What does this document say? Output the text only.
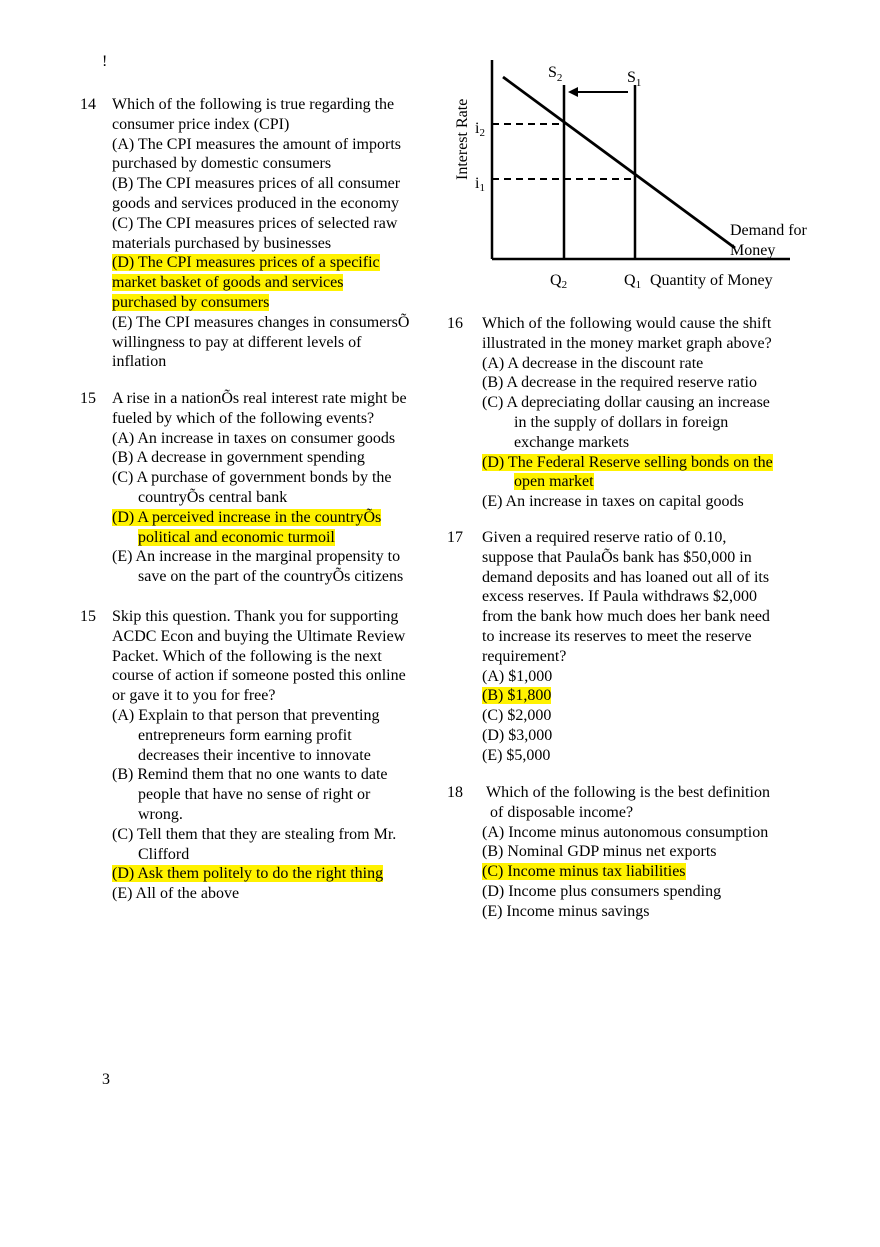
!
14 Which of the following is true regarding the
consumer price index (CPI)
(A) The CPI measures the amount of imports
purchased by domestic consumers
(B) The CPI measures prices of all consumer
goods and services produced in the economy
(C) The CPI measures prices of selected raw
materials purchased by businesses
(D) The CPI measures prices of a specific
market basket of goods and services
purchased by consumers
(E) The CPI measures changes in consumersÕ
willingness to pay at different levels of
inflation
15 A rise in a nationÕs real interest rate might be
fueled by which of the following events?
(A) An increase in taxes on consumer goods
(B) A decrease in government spending
(C) A purchase of government bonds by the
countryÕs central bank
(D) A perceived increase in the countryÕs
political and economic turmoil
(E) An increase in the marginal propensity to
save on the part of the countryÕs citizens
15 Skip this question. Thank you for supporting
ACDC Econ and buying the Ultimate Review
Packet. Which of the following is the next
course of action if someone posted this online
or gave it to you for free?
(A) Explain to that person that preventing
entrepreneurs form earning profit
decreases their incentive to innovate
(B) Remind them that no one wants to date
people that have no sense of right or
wrong.
(C) Tell them that they are stealing from Mr.
Clifford
(D) Ask them politely to do the right thing
(E) All of the above
Interest Rate
$S_2$	$S_1$
i2
i1
Q2	Q1 Quantity of Money
Demand for
Money
16 Which of the following would cause the shift
illustrated in the money market graph above?
(A) A decrease in the discount rate
(B) A decrease in the required reserve ratio
(C) A depreciating dollar causing an increase
in the supply of dollars in foreign
exchange markets
(D) The Federal Reserve selling bonds on the
open market
(E) An increase in taxes on capital goods
17 Given a required reserve ratio of 0.10,
suppose that PaulaÕs bank has $50,000 in
demand deposits and has loaned out all of its
excess reserves. If Paula withdraws $2,000
from the bank how much does her bank need
to increase its reserves to meet the reserve
requirement?
(A) $1,000
(B) $1,800
(C) $2,000
(D) $3,000
(E) $5,000
18 Which of the following is the best definition
of disposable income?
(A) Income minus autonomous consumption
(B) Nominal GDP minus net exports
(C) Income minus tax liabilities
(D) Income plus consumers spending
(E) Income minus savings
3
